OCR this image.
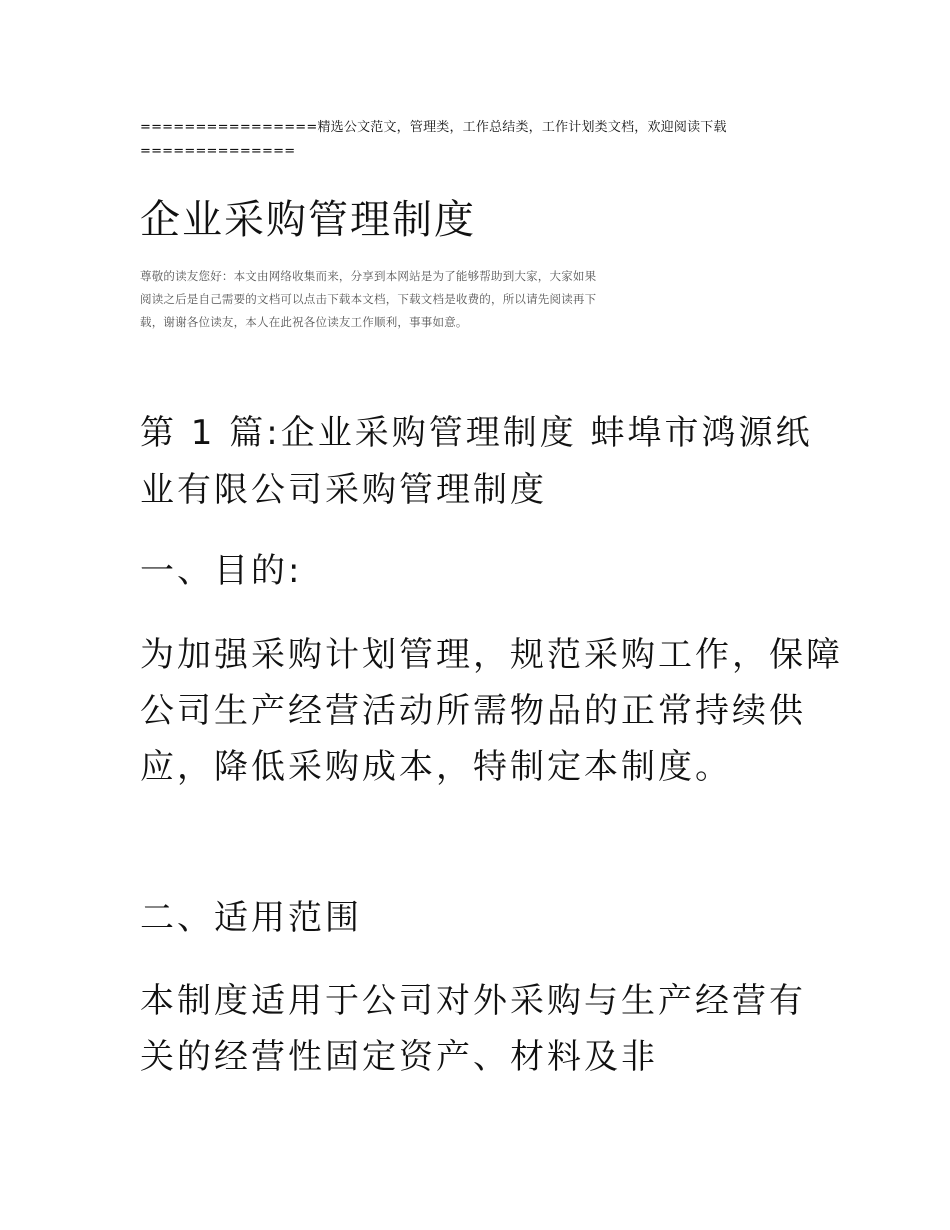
================精选公文范文，管理类，工作总结类，工作计划类文档，欢迎阅读下载==============
企业采购管理制度
尊敬的读友您好：本文由网络收集而来，分享到本网站是为了能够帮助到大家，大家如果阅读之后是自己需要的文档可以点击下载本文档，下载文档是收费的，所以请先阅读再下载，谢谢各位读友，本人在此祝各位读友工作顺利，事事如意。
第 1 篇:企业采购管理制度 蚌埠市鸿源纸业有限公司采购管理制度
一、目的:
为加强采购计划管理，规范采购工作，保障公司生产经营活动所需物品的正常持续供应，降低采购成本，特制定本制度。
二、适用范围
本制度适用于公司对外采购与生产经营有关的经营性固定资产、材料及非
